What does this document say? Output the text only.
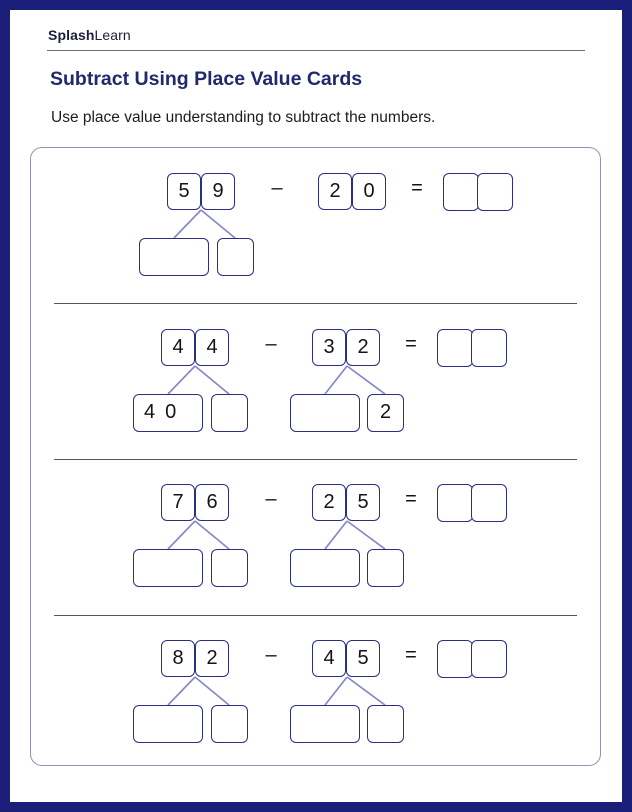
SplashLearn
Subtract Using Place Value Cards
Use place value understanding to subtract the numbers.
5	9	–	2	0	=
4	4	–	3	2	=
40	2
7	6	–	2	5	=
8	2	–	4	5	=
